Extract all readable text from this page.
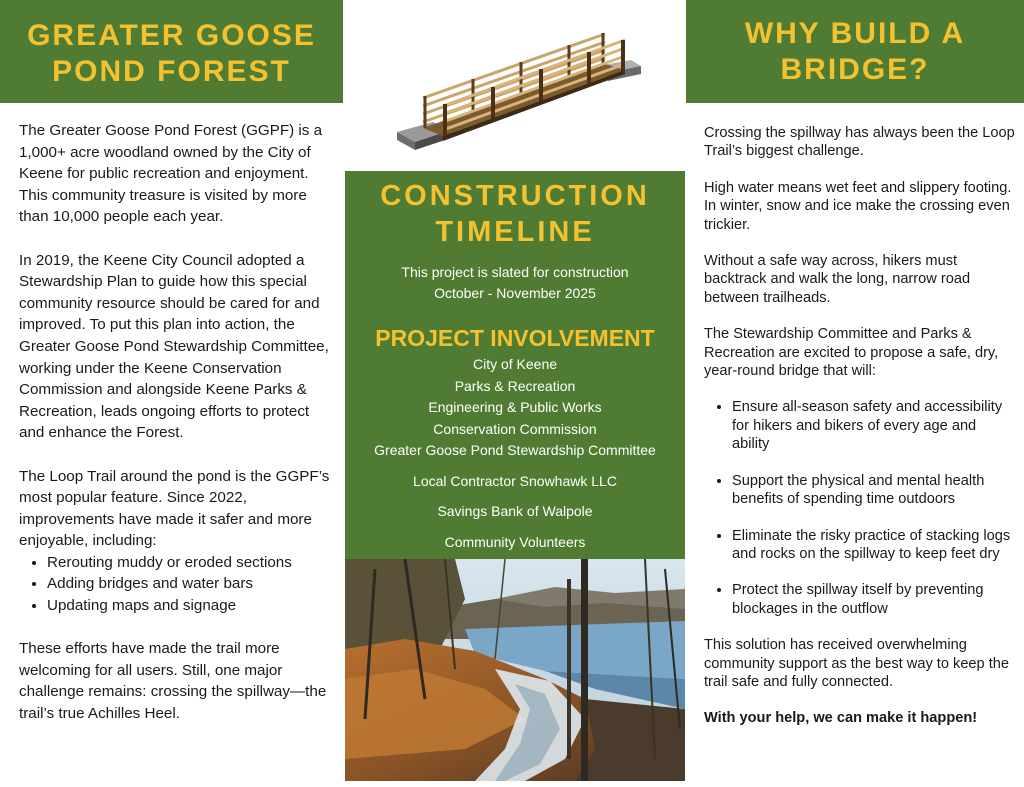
GREATER GOOSE
POND FOREST

The Greater Goose Pond Forest (GGPF) is a 1,000+ acre woodland owned by the City of Keene for public recreation and enjoyment. This community treasure is visited by more than 10,000 people each year.

In 2019, the Keene City Council adopted a Stewardship Plan to guide how this special community resource should be cared for and improved. To put this plan into action, the Greater Goose Pond Stewardship Committee, working under the Keene Conservation Commission and alongside Keene Parks & Recreation, leads ongoing efforts to protect and enhance the Forest.

The Loop Trail around the pond is the GGPF’s most popular feature. Since 2022, improvements have made it safer and more enjoyable, including:

• Rerouting muddy or eroded sections
• Adding bridges and water bars
• Updating maps and signage

These efforts have made the trail more welcoming for all users. Still, one major challenge remains: crossing the spillway—the trail’s true Achilles Heel.

CONSTRUCTION
TIMELINE
This project is slated for construction
October - November 2025
PROJECT INVOLVEMENT
City of Keene
Parks & Recreation
Engineering & Public Works
Conservation Commission
Greater Goose Pond Stewardship Committee
Local Contractor Snowhawk LLC
Savings Bank of Walpole
Community Volunteers
WHY BUILD A
BRIDGE?

Crossing the spillway has always been the Loop Trail’s biggest challenge.

High water means wet feet and slippery footing. In winter, snow and ice make the crossing even trickier.

Without a safe way across, hikers must backtrack and walk the long, narrow road between trailheads.

The Stewardship Committee and Parks & Recreation are excited to propose a safe, dry, year-round bridge that will:

• Ensure all-season safety and accessibility for hikers and bikers of every age and ability
• Support the physical and mental health benefits of spending time outdoors
• Eliminate the risky practice of stacking logs and rocks on the spillway to keep feet dry
• Protect the spillway itself by preventing blockages in the outflow

This solution has received overwhelming community support as the best way to keep the trail safe and fully connected.

With your help, we can make it happen!
